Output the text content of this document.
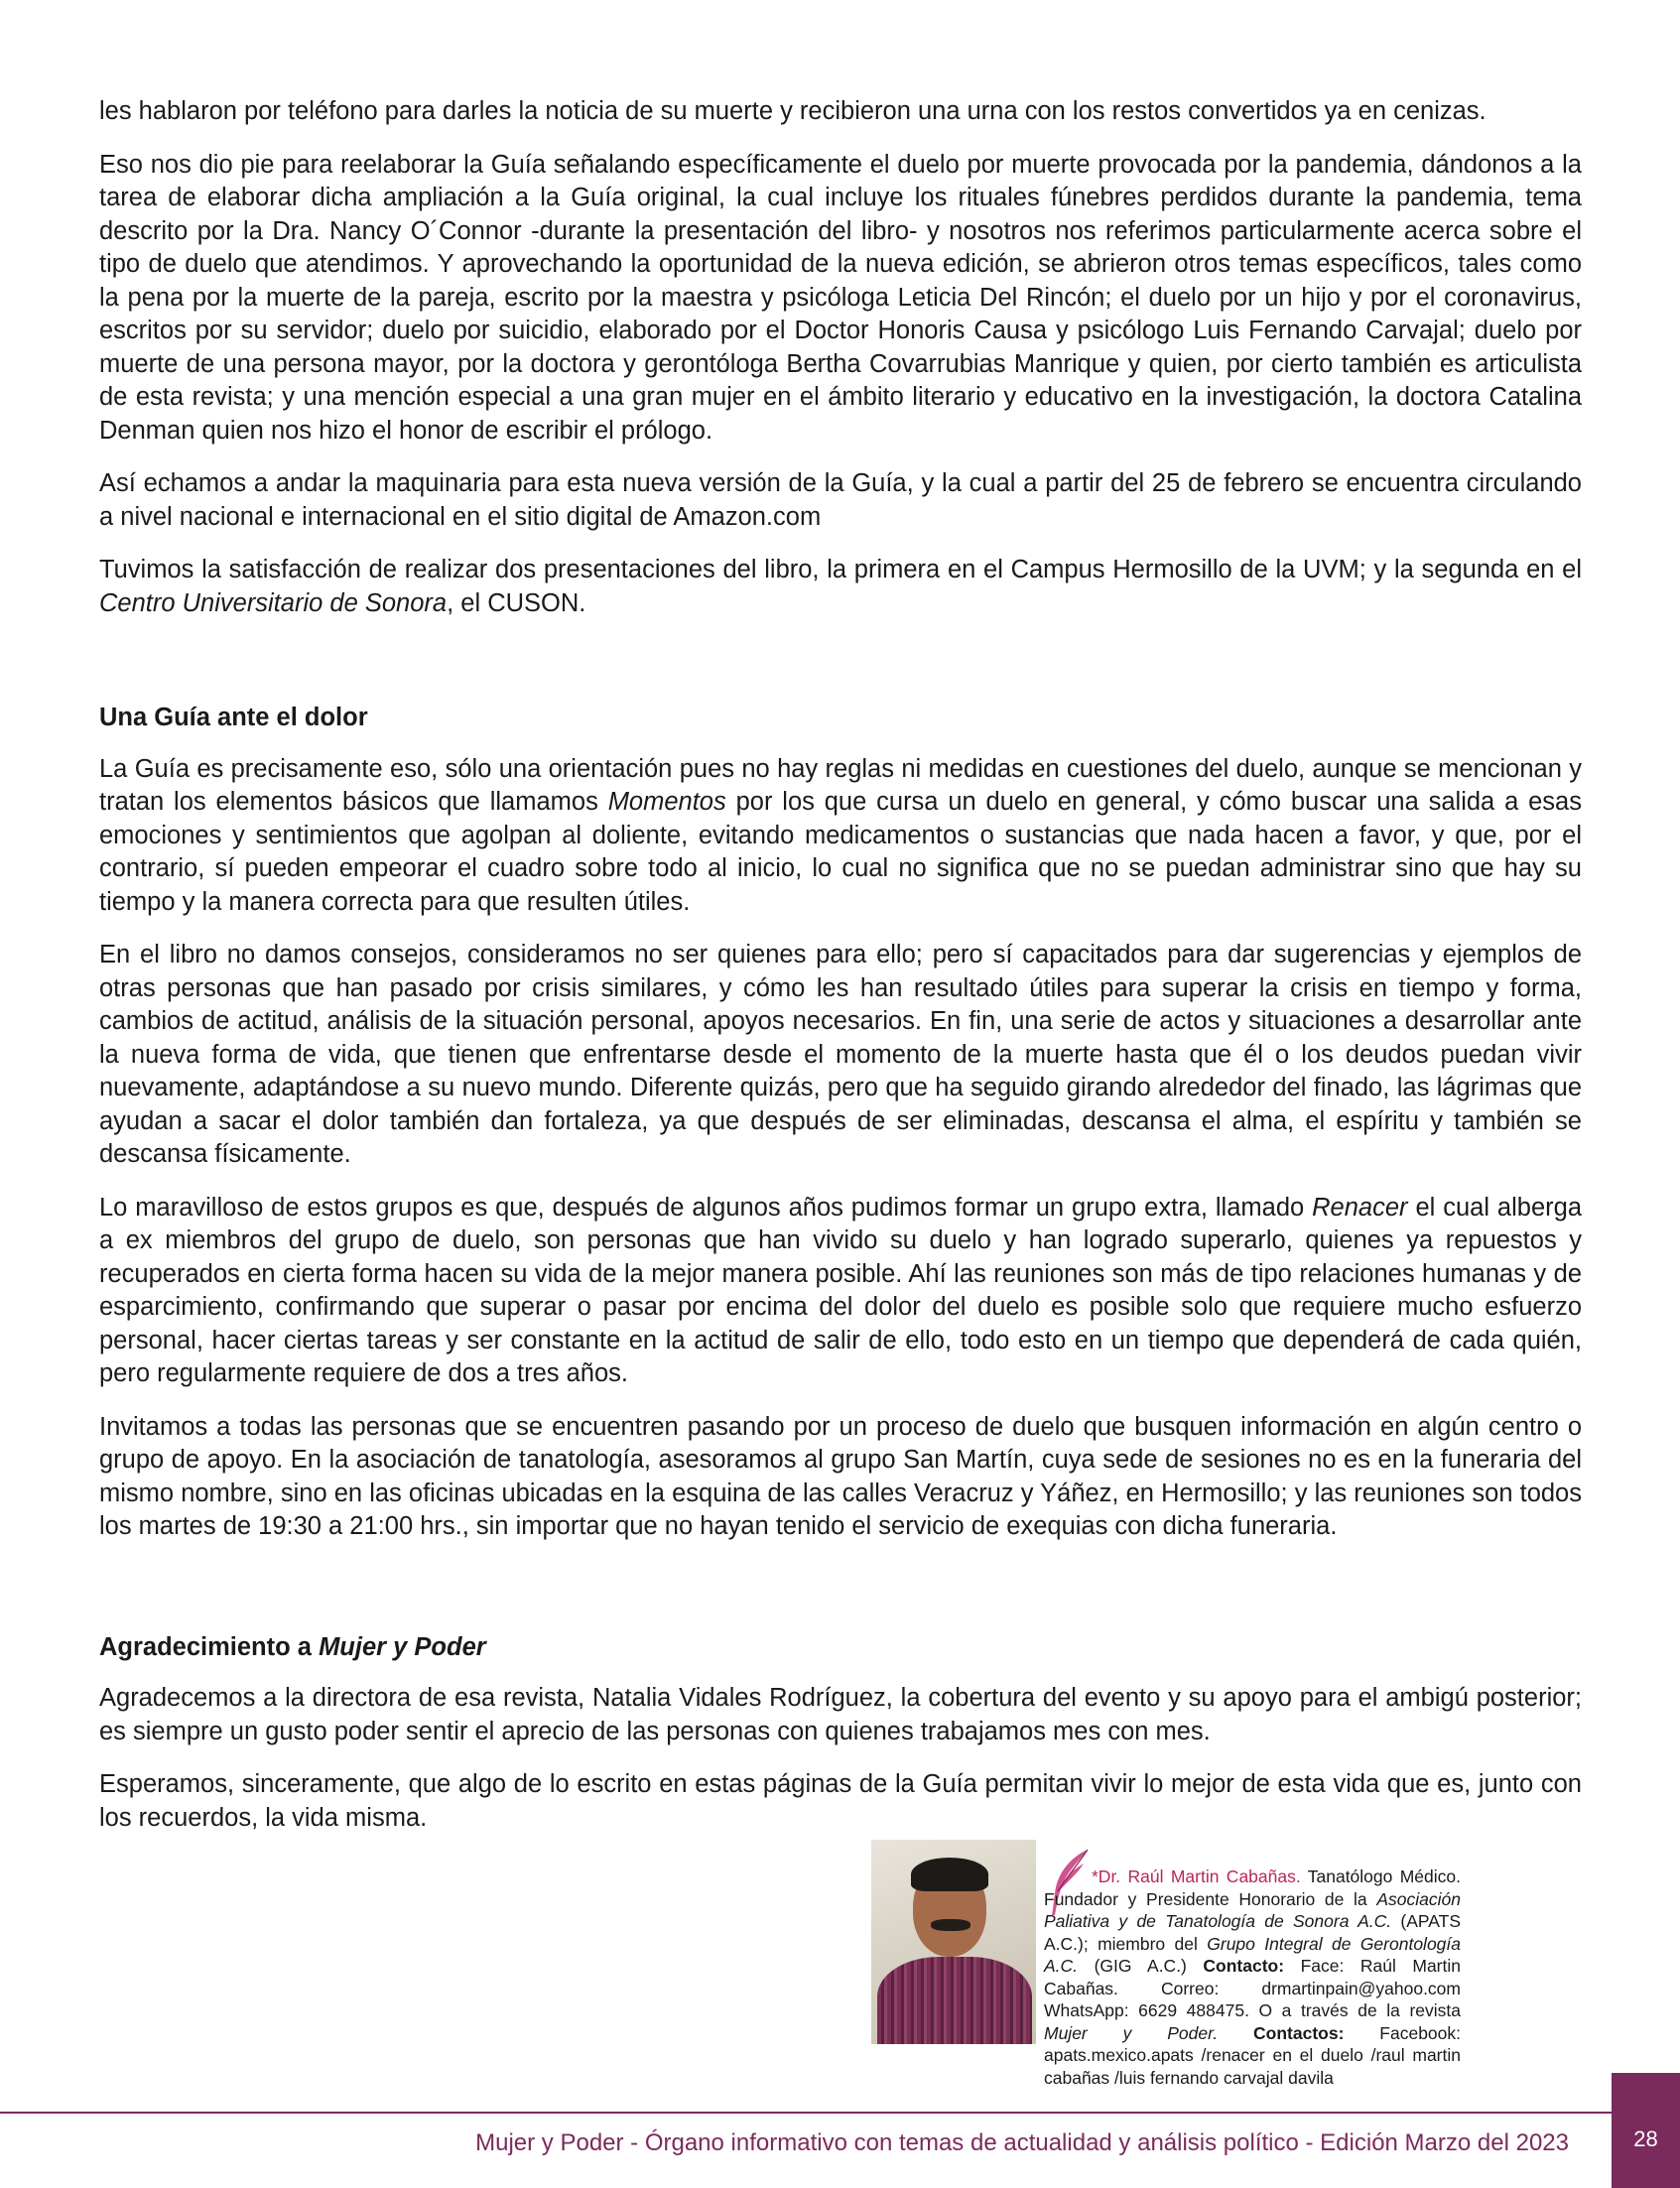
les hablaron por teléfono para darles la noticia de su muerte y recibieron una urna con los restos convertidos ya en cenizas.

Eso nos dio pie para reelaborar la Guía señalando específicamente el duelo por muerte provocada por la pandemia, dándonos a la tarea de elaborar dicha ampliación a la Guía original, la cual incluye los rituales fúnebres perdidos durante la pandemia, tema descrito por la Dra. Nancy O´Connor -durante la presentación del libro- y nosotros nos referimos particularmente acerca sobre el tipo de duelo que atendimos. Y aprovechando la oportunidad de la nueva edición, se abrieron otros temas específicos, tales como la pena por la muerte de la pareja, escrito por la maestra y psicóloga Leticia Del Rincón; el duelo por un hijo y por el coronavirus, escritos por su servidor; duelo por suicidio, elaborado por el Doctor Honoris Causa y psicólogo Luis Fernando Carvajal; duelo por muerte de una persona mayor, por la doctora y gerontóloga Bertha Covarrubias Manrique y quien, por cierto también es articulista de esta revista; y una mención especial a una gran mujer en el ámbito literario y educativo en la investigación, la doctora Catalina Denman quien nos hizo el honor de escribir el prólogo.

Así echamos a andar la maquinaria para esta nueva versión de la Guía, y la cual a partir del 25 de febrero se encuentra circulando a nivel nacional e internacional en el sitio digital de Amazon.com

Tuvimos la satisfacción de realizar dos presentaciones del libro, la primera en el Campus Hermosillo de la UVM; y la segunda en el Centro Universitario de Sonora, el CUSON.

Una Guía ante el dolor

La Guía es precisamente eso, sólo una orientación pues no hay reglas ni medidas en cuestiones del duelo, aunque se mencionan y tratan los elementos básicos que llamamos Momentos por los que cursa un duelo en general, y cómo buscar una salida a esas emociones y sentimientos que agolpan al doliente, evitando medicamentos o sustancias que nada hacen a favor, y que, por el contrario, sí pueden empeorar el cuadro sobre todo al inicio, lo cual no significa que no se puedan administrar sino que hay su tiempo y la manera correcta para que resulten útiles.

En el libro no damos consejos, consideramos no ser quienes para ello; pero sí capacitados para dar sugerencias y ejemplos de otras personas que han pasado por crisis similares, y cómo les han resultado útiles para superar la crisis en tiempo y forma, cambios de actitud, análisis de la situación personal, apoyos necesarios. En fin, una serie de actos y situaciones a desarrollar ante la nueva forma de vida, que tienen que enfrentarse desde el momento de la muerte hasta que él o los deudos puedan vivir nuevamente, adaptándose a su nuevo mundo. Diferente quizás, pero que ha seguido girando alrededor del finado, las lágrimas que ayudan a sacar el dolor también dan fortaleza, ya que después de ser eliminadas, descansa el alma, el espíritu y también se descansa físicamente.

Lo maravilloso de estos grupos es que, después de algunos años pudimos formar un grupo extra, llamado Renacer el cual alberga a ex miembros del grupo de duelo, son personas que han vivido su duelo y han logrado superarlo, quienes ya repuestos y recuperados en cierta forma hacen su vida de la mejor manera posible. Ahí las reuniones son más de tipo relaciones humanas y de esparcimiento, confirmando que superar o pasar por encima del dolor del duelo es posible solo que requiere mucho esfuerzo personal, hacer ciertas tareas y ser constante en la actitud de salir de ello, todo esto en un tiempo que dependerá de cada quién, pero regularmente requiere de dos a tres años.

Invitamos a todas las personas que se encuentren pasando por un proceso de duelo que busquen información en algún centro o grupo de apoyo. En la asociación de tanatología, asesoramos al grupo San Martín, cuya sede de sesiones no es en la funeraria del mismo nombre, sino en las oficinas ubicadas en la esquina de las calles Veracruz y Yáñez, en Hermosillo; y las reuniones son todos los martes de 19:30 a 21:00 hrs., sin importar que no hayan tenido el servicio de exequias con dicha funeraria.

Agradecimiento a Mujer y Poder

Agradecemos a la directora de esa revista, Natalia Vidales Rodríguez, la cobertura del evento y su apoyo para el ambigú posterior; es siempre un gusto poder sentir el aprecio de las personas con quienes trabajamos mes con mes.

Esperamos, sinceramente, que algo de lo escrito en estas páginas de la Guía permitan vivir lo mejor de esta vida que es, junto con los recuerdos, la vida misma.

*Dr. Raúl Martin Cabañas. Tanatólogo Médico. Fundador y Presidente Honorario de la Asociación Paliativa y de Tanatología de Sonora A.C. (APATS A.C.); miembro del Grupo Integral de Gerontología A.C. (GIG A.C.) Contacto: Face: Raúl Martin Cabañas. Correo: drmartinpain@yahoo.com WhatsApp: 6629 488475. O a través de la revista Mujer y Poder. Contactos: Facebook: apats.mexico.apats /renacer en el duelo /raul martin cabañas /luis fernando carvajal davila
Mujer y Poder - Órgano informativo con temas de actualidad y análisis político - Edición Marzo del 2023	28
